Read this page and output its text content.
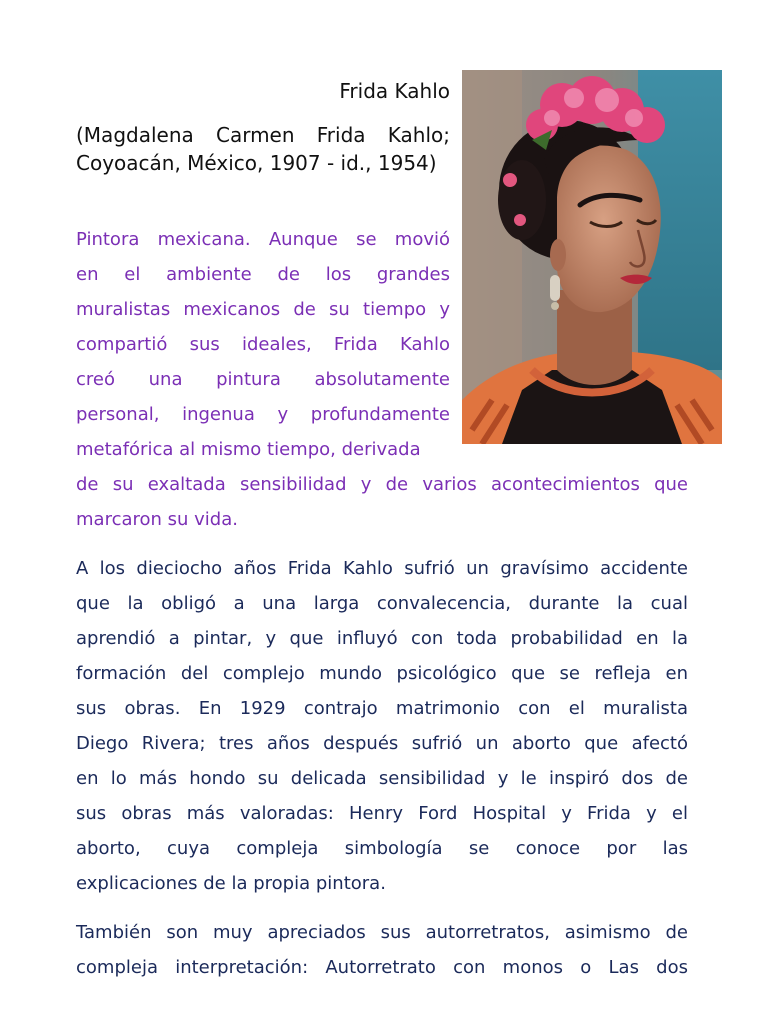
Frida Kahlo

(Magdalena Carmen Frida Kahlo; Coyoacán, México, 1907 - id., 1954)

Pintora mexicana. Aunque se movió
en el ambiente de los grandes
muralistas mexicanos de su tiempo y
compartió sus ideales, Frida Kahlo
creó una pintura absolutamente
personal, ingenua y profundamente
metafórica al mismo tiempo, derivada
de su exaltada sensibilidad y de varios acontecimientos que
marcaron su vida.

A los dieciocho años Frida Kahlo sufrió un gravísimo accidente
que la obligó a una larga convalecencia, durante la cual
aprendió a pintar, y que influyó con toda probabilidad en la
formación del complejo mundo psicológico que se refleja en
sus obras. En 1929 contrajo matrimonio con el muralista
Diego Rivera; tres años después sufrió un aborto que afectó
en lo más hondo su delicada sensibilidad y le inspiró dos de
sus obras más valoradas: Henry Ford Hospital y Frida y el
aborto, cuya compleja simbología se conoce por las
explicaciones de la propia pintora.

También son muy apreciados sus autorretratos, asimismo de
compleja interpretación: Autorretrato con monos o Las dos
